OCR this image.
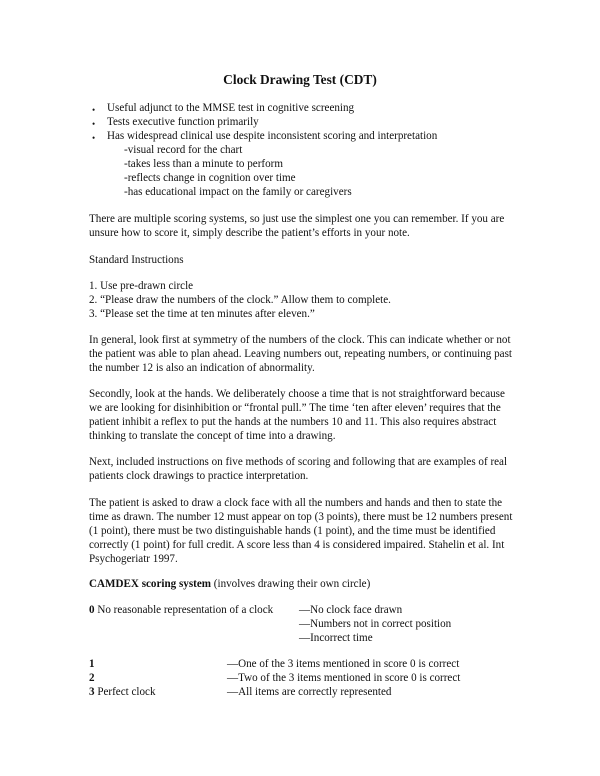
Clock Drawing Test (CDT)
• Useful adjunct to the MMSE test in cognitive screening
• Tests executive function primarily
• Has widespread clinical use despite inconsistent scoring and interpretation
-visual record for the chart
-takes less than a minute to perform
-reflects change in cognition over time
-has educational impact on the family or caregivers
There are multiple scoring systems, so just use the simplest one you can remember. If you are unsure how to score it, simply describe the patient’s efforts in your note.
Standard Instructions
1. Use pre-drawn circle
2. “Please draw the numbers of the clock.” Allow them to complete.
3. “Please set the time at ten minutes after eleven.”
In general, look first at symmetry of the numbers of the clock. This can indicate whether or not the patient was able to plan ahead. Leaving numbers out, repeating numbers, or continuing past the number 12 is also an indication of abnormality.
Secondly, look at the hands. We deliberately choose a time that is not straightforward because we are looking for disinhibition or “frontal pull.” The time ‘ten after eleven’ requires that the patient inhibit a reflex to put the hands at the numbers 10 and 11. This also requires abstract thinking to translate the concept of time into a drawing.
Next, included instructions on five methods of scoring and following that are examples of real patients clock drawings to practice interpretation.
The patient is asked to draw a clock face with all the numbers and hands and then to state the time as drawn. The number 12 must appear on top (3 points), there must be 12 numbers present (1 point), there must be two distinguishable hands (1 point), and the time must be identified correctly (1 point) for full credit. A score less than 4 is considered impaired. Stahelin et al. Int Psychogeriatr 1997.
CAMDEX scoring system (involves drawing their own circle)
0 No reasonable representation of a clock —No clock face drawn
—Numbers not in correct position
—Incorrect time
1	—One of the 3 items mentioned in score 0 is correct
2	—Two of the 3 items mentioned in score 0 is correct
3 Perfect clock	—All items are correctly represented
